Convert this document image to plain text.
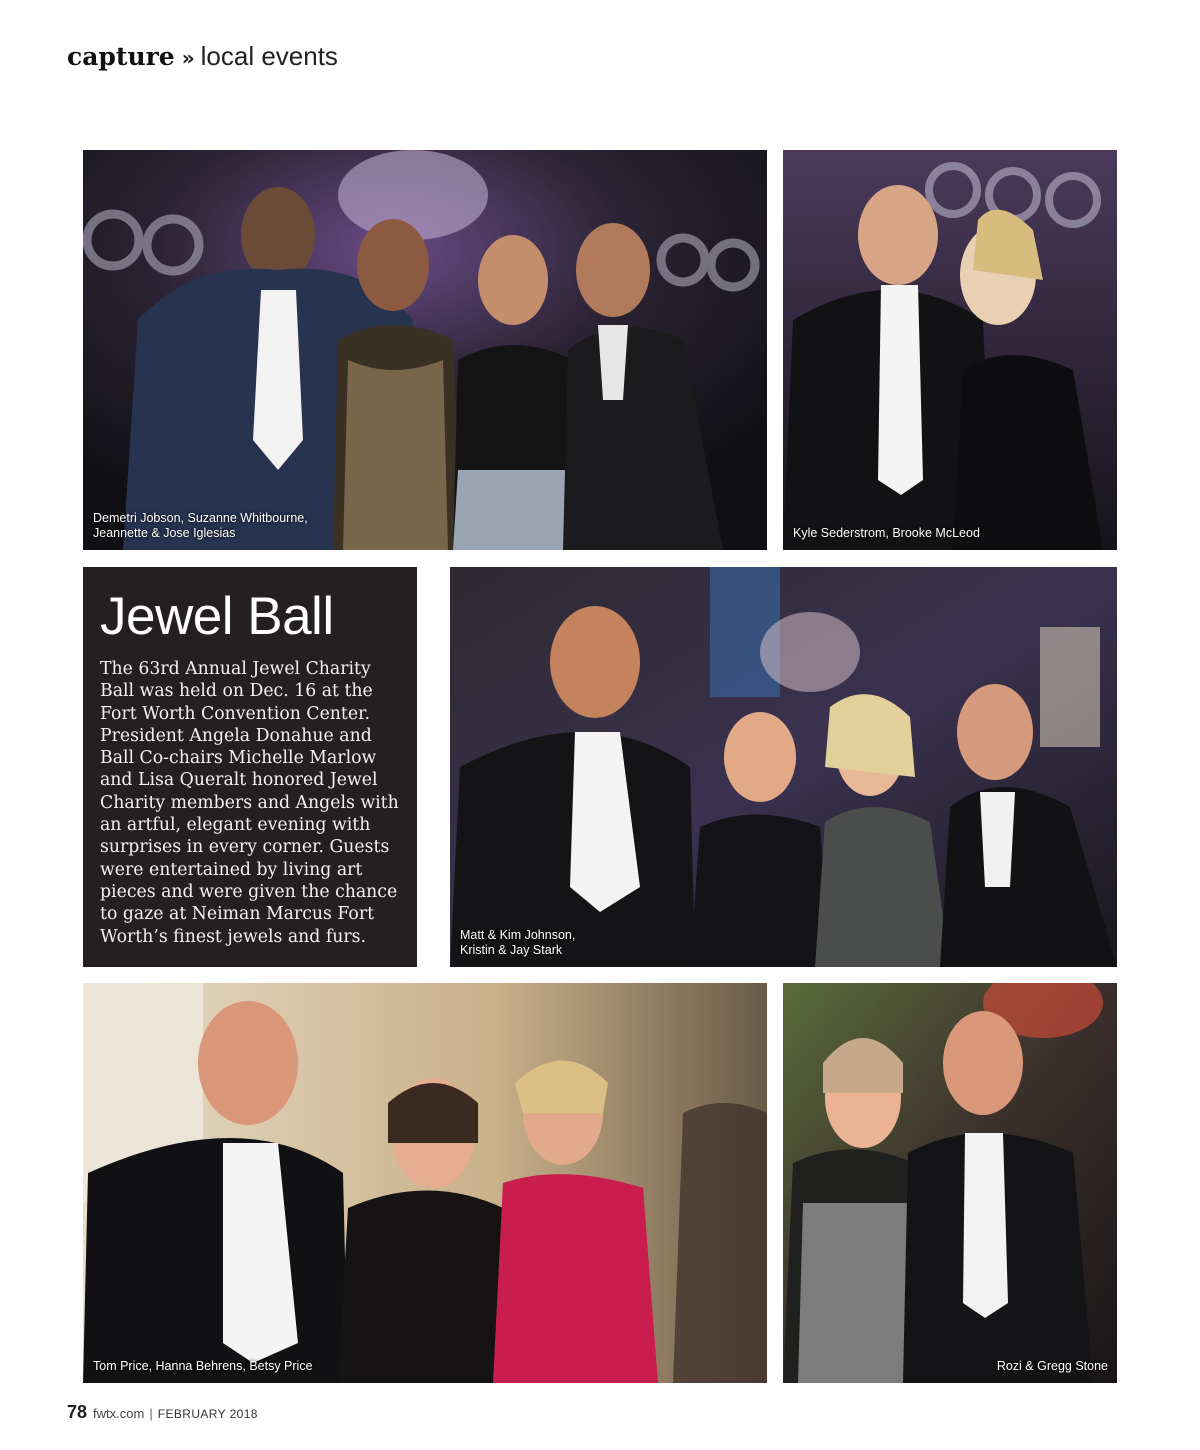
capture » local events
Demetri Jobson, Suzanne Whitbourne,
Jeannette & Jose Iglesias	Kyle Sederstrom, Brooke McLeod
Jewel Ball
The 63rd Annual Jewel Charity
Ball was held on Dec. 16 at the
Fort Worth Convention Center.
President Angela Donahue and
Ball Co-chairs Michelle Marlow
and Lisa Queralt honored Jewel
Charity members and Angels with
an artful, elegant evening with
surprises in every corner. Guests
were entertained by living art
pieces and were given the chance
to gaze at Neiman Marcus Fort
Worth’s finest jewels and furs.	Matt & Kim Johnson,
Kristin & Jay Stark
Tom Price, Hanna Behrens, Betsy Price	Rozi & Gregg Stone
78 fwtx.com | FEBRUARY 2018
